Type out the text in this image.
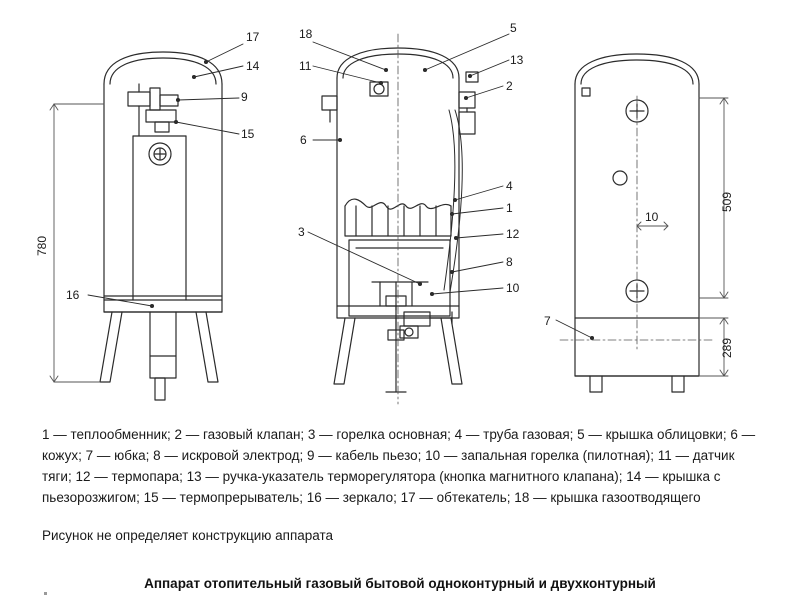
17
14
9
15
16
18
11
5
13
2
6
4
1
12
8
10
3
7
780
509
289
10
1 — теплообменник; 2 — газовый клапан; 3 — горелка основная; 4 — труба газовая; 5 — крышка облицовки; 6 — кожух; 7 — юбка; 8 — искровой электрод; 9 — кабель пьезо; 10 — запальная горелка (пилотная); 11 — датчик тяги; 12 — термопара; 13 — ручка-указатель терморегулятора (кнопка магнитного клапана); 14 — крышка с пьезорозжигом; 15 — термопрерыватель; 16 — зеркало; 17 — обтекатель; 18 — крышка газоотводящего
Рисунок не определяет конструкцию аппарата
Аппарат отопительный газовый бытовой одноконтурный и двухконтурный
